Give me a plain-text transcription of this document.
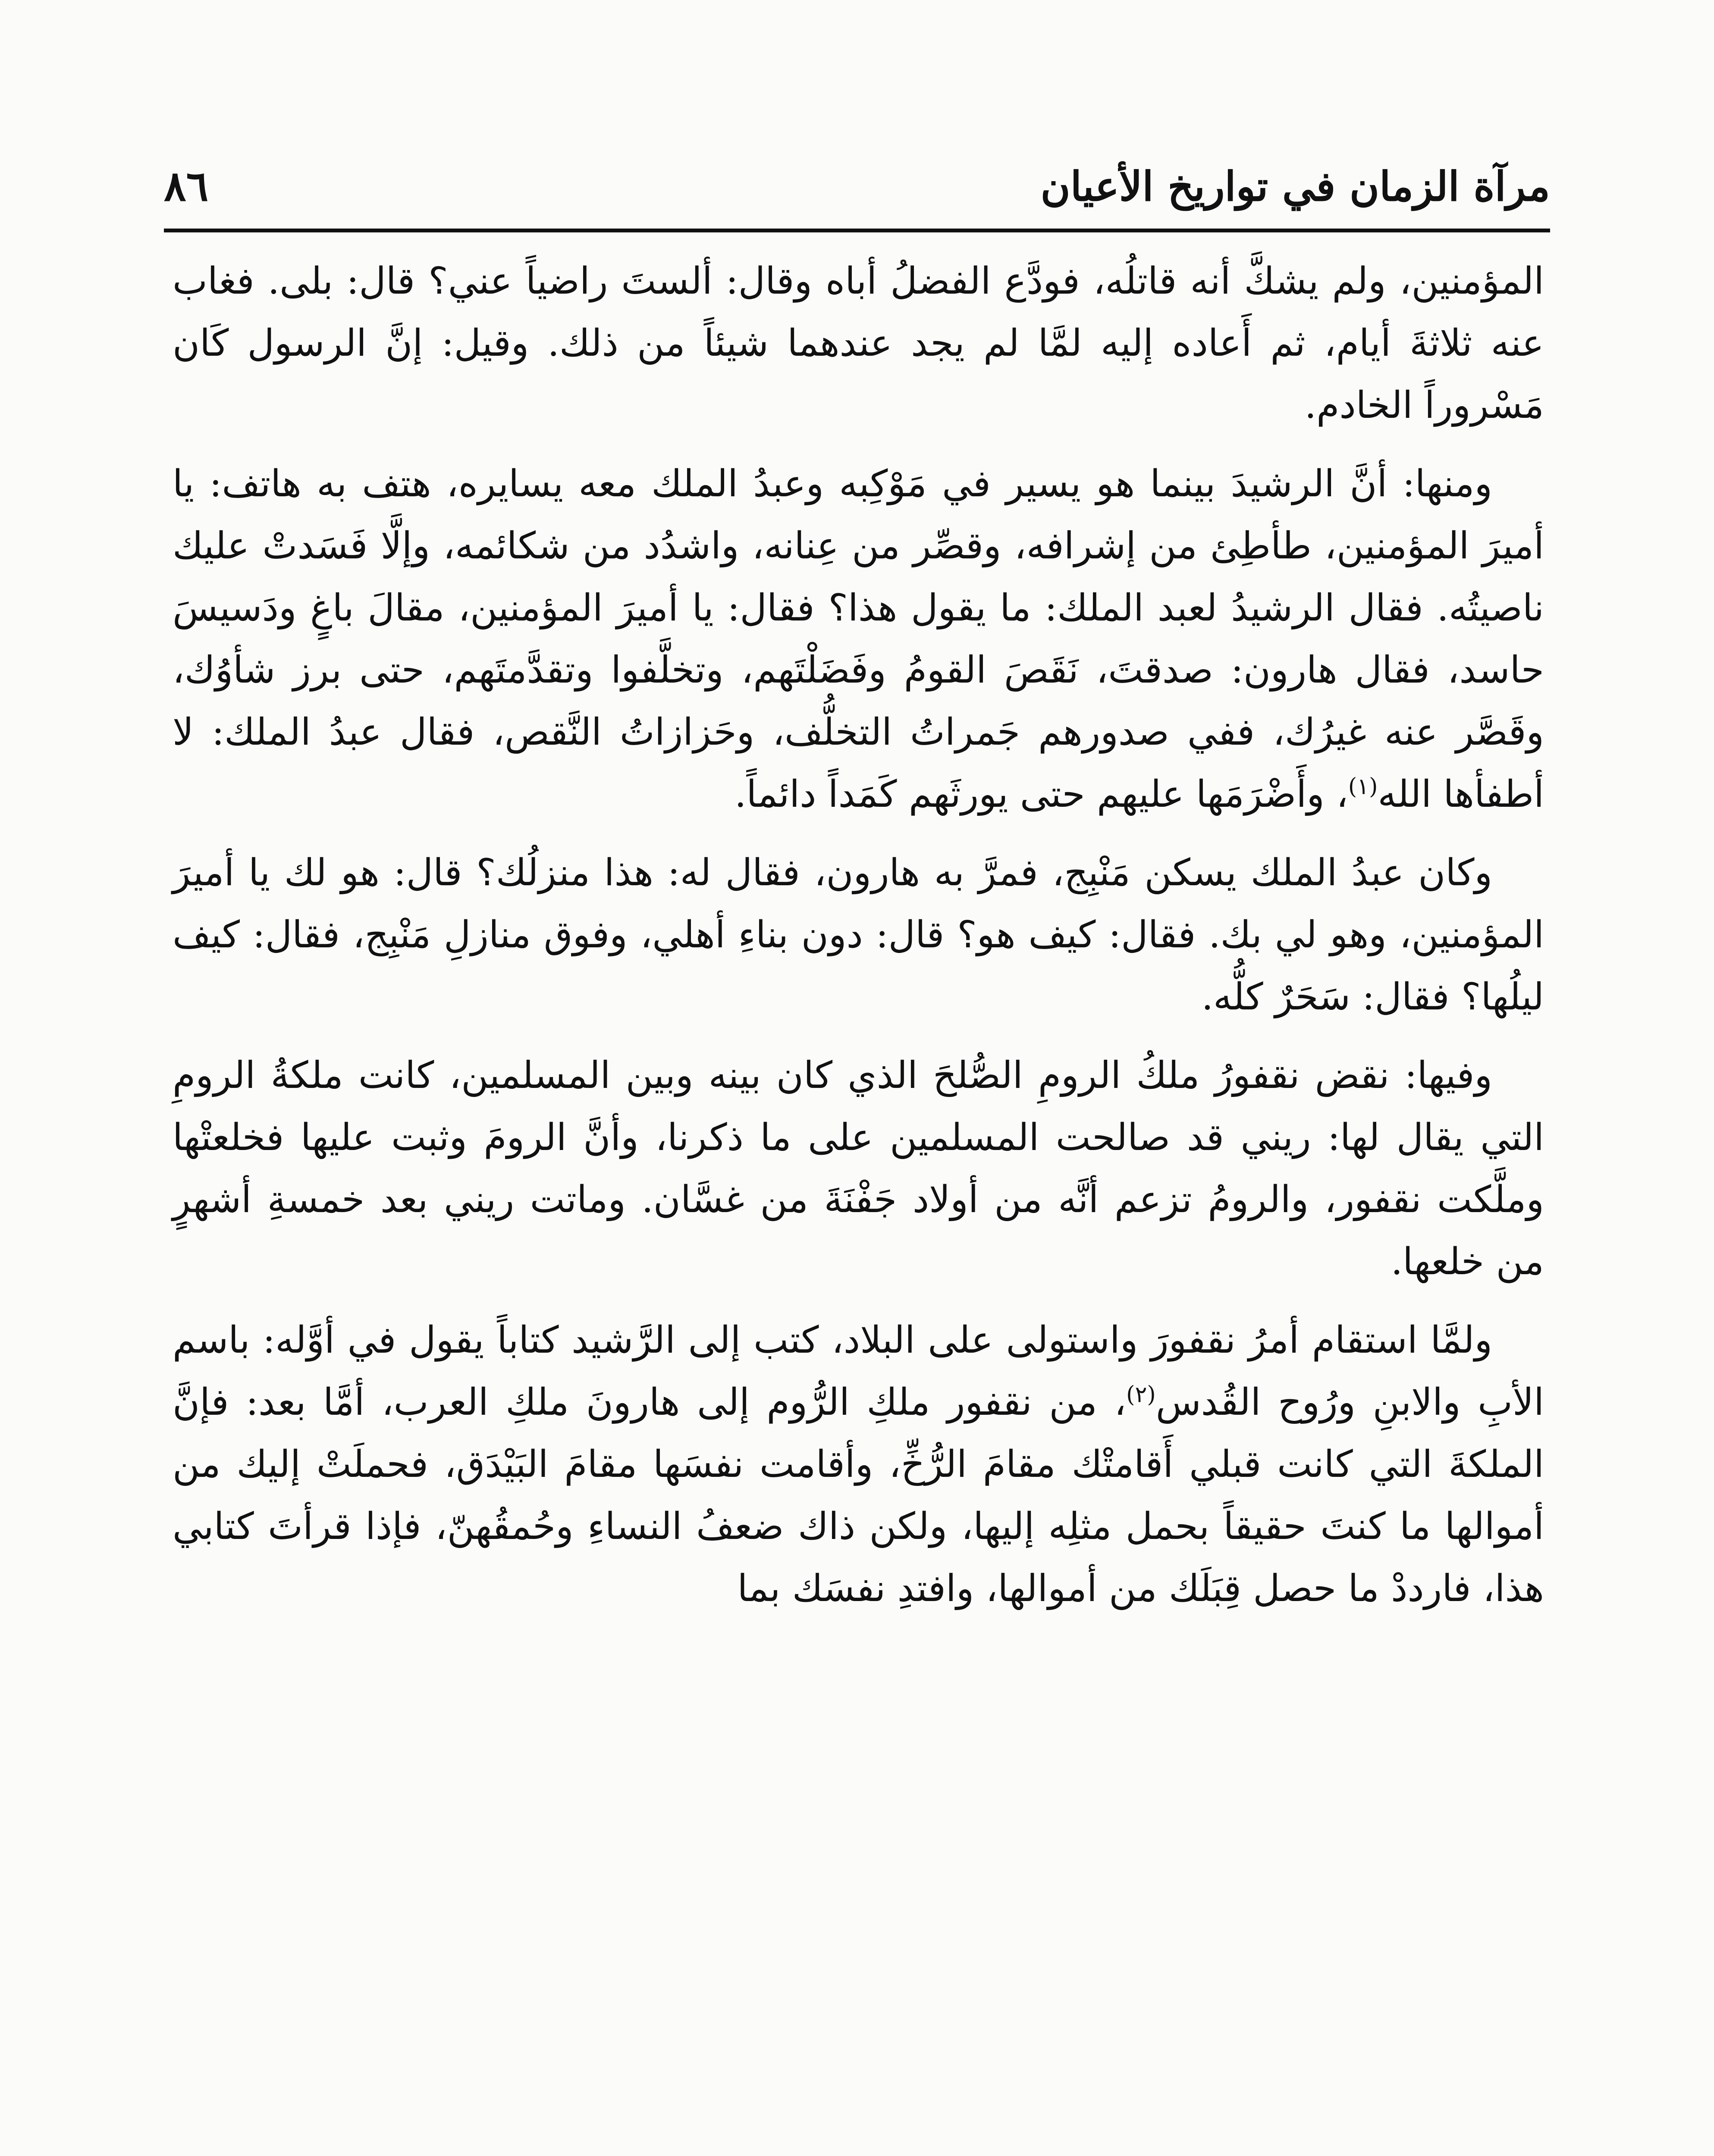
مرآة الزمان في تواريخ الأعيان
٨٦

المؤمنين، ولم يشكَّ أنه قاتلُه، فودَّع الفضلُ أباه وقال: ألستَ راضياً عني؟ قال: بلى. فغاب عنه ثلاثةَ أيام، ثم أَعاده إليه لمَّا لم يجد عندهما شيئاً من ذلك. وقيل: إنَّ الرسول كَان مَسْروراً الخادم.

ومنها: أنَّ الرشيدَ بينما هو يسير في مَوْكِبه وعبدُ الملك معه يسايره، هتف به هاتف: يا أميرَ المؤمنين، طأطِئ من إشرافه، وقصِّر من عِنانه، واشدُد من شكائمه، وإلَّا فَسَدتْ عليك ناصيتُه. فقال الرشيدُ لعبد الملك: ما يقول هذا؟ فقال: يا أميرَ المؤمنين، مقالَ باغٍ ودَسيسَ حاسد، فقال هارون: صدقتَ، نَقَصَ القومُ وفَضَلْتَهم، وتخلَّفوا وتقدَّمتَهم، حتى برز شأوُك، وقَصَّر عنه غيرُك، ففي صدورهم جَمراتُ التخلُّف، وحَزازاتُ النَّقص، فقال عبدُ الملك: لا أطفأها الله$^{(١)}$، وأَضْرَمَها عليهم حتى يورثَهم كَمَداً دائماً.

وكان عبدُ الملك يسكن مَنْبِج، فمرَّ به هارون، فقال له: هذا منزلُك؟ قال: هو لك يا أميرَ المؤمنين، وهو لي بك. فقال: كيف هو؟ قال: دون بناءِ أهلي، وفوق منازلِ مَنْبِج، فقال: كيف ليلُها؟ فقال: سَحَرٌ كلُّه.

وفيها: نقض نقفورُ ملكُ الرومِ الصُّلحَ الذي كان بينه وبين المسلمين، كانت ملكةُ الرومِ التي يقال لها: ريني قد صالحت المسلمين على ما ذكرنا، وأنَّ الرومَ وثبت عليها فخلعتْها وملَّكت نقفور، والرومُ تزعم أنَّه من أولاد جَفْنَةَ من غسَّان. وماتت ريني بعد خمسةِ أشهرٍ من خلعها.

ولمَّا استقام أمرُ نقفورَ واستولى على البلاد، كتب إلى الرَّشيد كتاباً يقول في أوَّله: باسم الأبِ والابنِ ورُوح القُدس$^{(٢)}$، من نقفور ملكِ الرُّوم إلى هارونَ ملكِ العرب، أمَّا بعد: فإنَّ الملكةَ التي كانت قبلي أَقامتْك مقامَ الرُّخِّ، وأقامت نفسَها مقامَ البَيْدَق، فحملَتْ إليك من أموالها ما كنتَ حقيقاً بحمل مثلِه إليها، ولكن ذاك ضعفُ النساءِ وحُمقُهنّ، فإذا قرأتَ كتابي هذا، فارددْ ما حصل قِبَلَك من أموالها، وافتدِ نفسَك بما
